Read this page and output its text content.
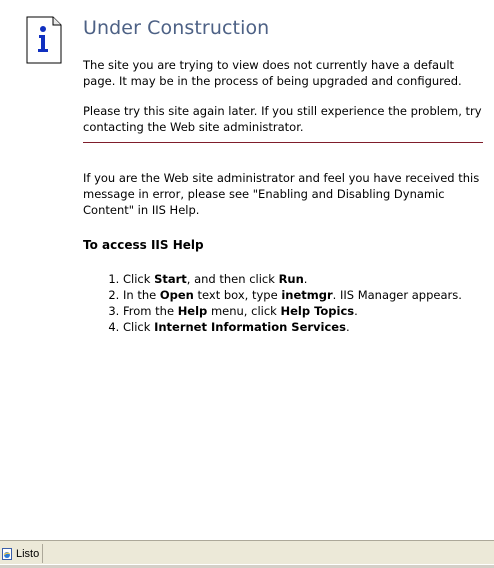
Under Construction

The site you are trying to view does not currently have a default page. It may be in the process of being upgraded and configured.

Please try this site again later. If you still experience the problem, try contacting the Web site administrator.

If you are the Web site administrator and feel you have received this message in error, please see "Enabling and Disabling Dynamic Content" in IIS Help.

To access IIS Help
1. Click Start, and then click Run.
2. In the Open text box, type inetmgr. IIS Manager appears.
3. From the Help menu, click Help Topics.
4. Click Internet Information Services.
Listo
